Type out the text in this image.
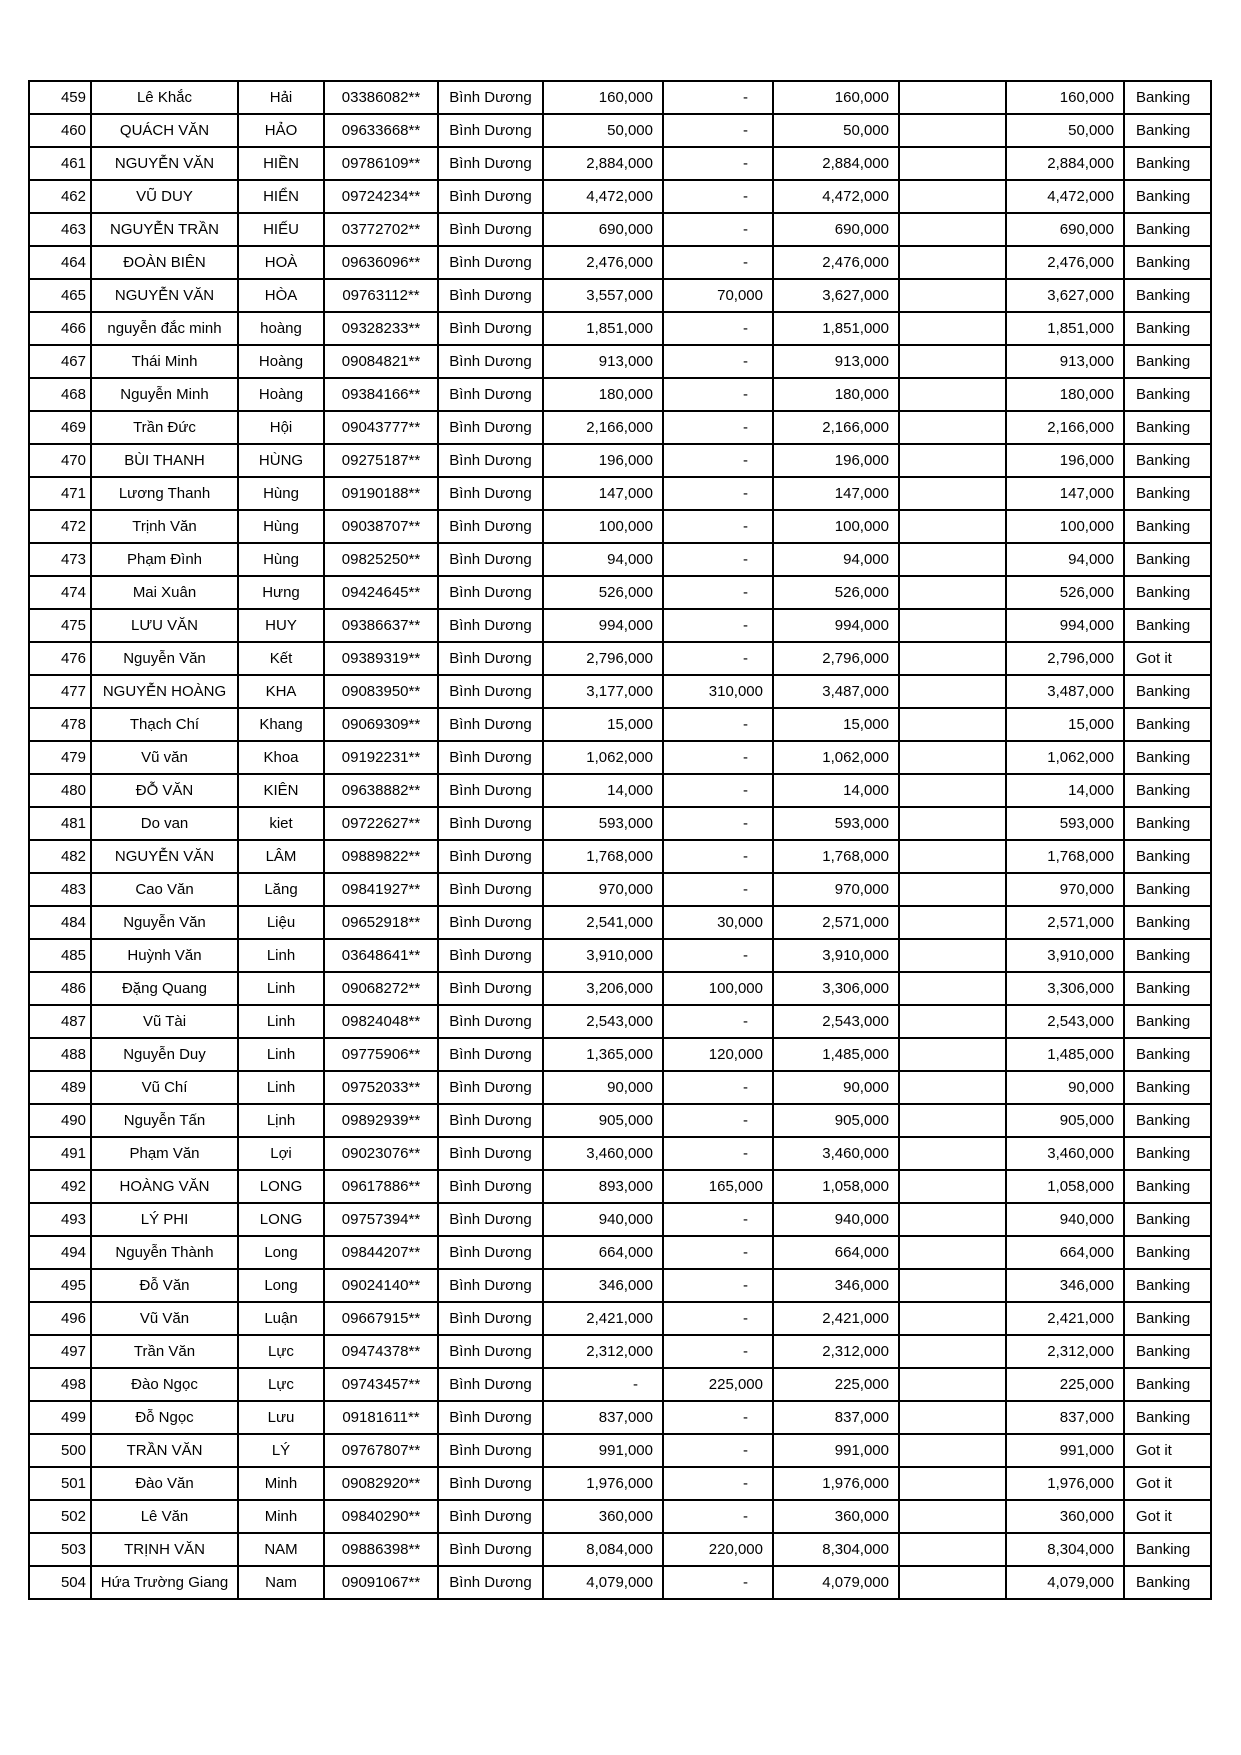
459	Lê Khắc	Hải	03386082**	Bình Dương	160,000	-	160,000		160,000	Banking
460	QUÁCH VĂN	HẢO	09633668**	Bình Dương	50,000	-	50,000		50,000	Banking
461	NGUYỄN VĂN	HIỀN	09786109**	Bình Dương	2,884,000	-	2,884,000		2,884,000	Banking
462	VŨ DUY	HIỂN	09724234**	Bình Dương	4,472,000	-	4,472,000		4,472,000	Banking
463	NGUYỄN TRẦN	HIẾU	03772702**	Bình Dương	690,000	-	690,000		690,000	Banking
464	ĐOÀN BIÊN	HOÀ	09636096**	Bình Dương	2,476,000	-	2,476,000		2,476,000	Banking
465	NGUYỄN VĂN	HÒA	09763112**	Bình Dương	3,557,000	70,000	3,627,000		3,627,000	Banking
466	nguyễn đắc minh	hoàng	09328233**	Bình Dương	1,851,000	-	1,851,000		1,851,000	Banking
467	Thái Minh	Hoàng	09084821**	Bình Dương	913,000	-	913,000		913,000	Banking
468	Nguyễn Minh	Hoàng	09384166**	Bình Dương	180,000	-	180,000		180,000	Banking
469	Trần Đức	Hội	09043777**	Bình Dương	2,166,000	-	2,166,000		2,166,000	Banking
470	BÙI THANH	HÙNG	09275187**	Bình Dương	196,000	-	196,000		196,000	Banking
471	Lương Thanh	Hùng	09190188**	Bình Dương	147,000	-	147,000		147,000	Banking
472	Trịnh Văn	Hùng	09038707**	Bình Dương	100,000	-	100,000		100,000	Banking
473	Phạm Đình	Hùng	09825250**	Bình Dương	94,000	-	94,000		94,000	Banking
474	Mai Xuân	Hưng	09424645**	Bình Dương	526,000	-	526,000		526,000	Banking
475	LƯU VĂN	HUY	09386637**	Bình Dương	994,000	-	994,000		994,000	Banking
476	Nguyễn Văn	Kết	09389319**	Bình Dương	2,796,000	-	2,796,000		2,796,000	Got it
477	NGUYỄN HOÀNG	KHA	09083950**	Bình Dương	3,177,000	310,000	3,487,000		3,487,000	Banking
478	Thạch Chí	Khang	09069309**	Bình Dương	15,000	-	15,000		15,000	Banking
479	Vũ văn	Khoa	09192231**	Bình Dương	1,062,000	-	1,062,000		1,062,000	Banking
480	ĐỖ VĂN	KIÊN	09638882**	Bình Dương	14,000	-	14,000		14,000	Banking
481	Do van	kiet	09722627**	Bình Dương	593,000	-	593,000		593,000	Banking
482	NGUYỄN VĂN	LÂM	09889822**	Bình Dương	1,768,000	-	1,768,000		1,768,000	Banking
483	Cao Văn	Lăng	09841927**	Bình Dương	970,000	-	970,000		970,000	Banking
484	Nguyễn Văn	Liệu	09652918**	Bình Dương	2,541,000	30,000	2,571,000		2,571,000	Banking
485	Huỳnh Văn	Linh	03648641**	Bình Dương	3,910,000	-	3,910,000		3,910,000	Banking
486	Đặng Quang	Linh	09068272**	Bình Dương	3,206,000	100,000	3,306,000		3,306,000	Banking
487	Vũ Tài	Linh	09824048**	Bình Dương	2,543,000	-	2,543,000		2,543,000	Banking
488	Nguyễn Duy	Linh	09775906**	Bình Dương	1,365,000	120,000	1,485,000		1,485,000	Banking
489	Vũ Chí	Linh	09752033**	Bình Dương	90,000	-	90,000		90,000	Banking
490	Nguyễn Tấn	Lịnh	09892939**	Bình Dương	905,000	-	905,000		905,000	Banking
491	Phạm Văn	Lợi	09023076**	Bình Dương	3,460,000	-	3,460,000		3,460,000	Banking
492	HOÀNG VĂN	LONG	09617886**	Bình Dương	893,000	165,000	1,058,000		1,058,000	Banking
493	LÝ PHI	LONG	09757394**	Bình Dương	940,000	-	940,000		940,000	Banking
494	Nguyễn Thành	Long	09844207**	Bình Dương	664,000	-	664,000		664,000	Banking
495	Đỗ Văn	Long	09024140**	Bình Dương	346,000	-	346,000		346,000	Banking
496	Vũ Văn	Luận	09667915**	Bình Dương	2,421,000	-	2,421,000		2,421,000	Banking
497	Trần Văn	Lực	09474378**	Bình Dương	2,312,000	-	2,312,000		2,312,000	Banking
498	Đào Ngọc	Lực	09743457**	Bình Dương	-	225,000	225,000		225,000	Banking
499	Đỗ Ngọc	Lưu	09181611**	Bình Dương	837,000	-	837,000		837,000	Banking
500	TRẦN VĂN	LÝ	09767807**	Bình Dương	991,000	-	991,000		991,000	Got it
501	Đào Văn	Minh	09082920**	Bình Dương	1,976,000	-	1,976,000		1,976,000	Got it
502	Lê Văn	Minh	09840290**	Bình Dương	360,000	-	360,000		360,000	Got it
503	TRỊNH VĂN	NAM	09886398**	Bình Dương	8,084,000	220,000	8,304,000		8,304,000	Banking
504	Hứa Trường Giang	Nam	09091067**	Bình Dương	4,079,000	-	4,079,000		4,079,000	Banking
